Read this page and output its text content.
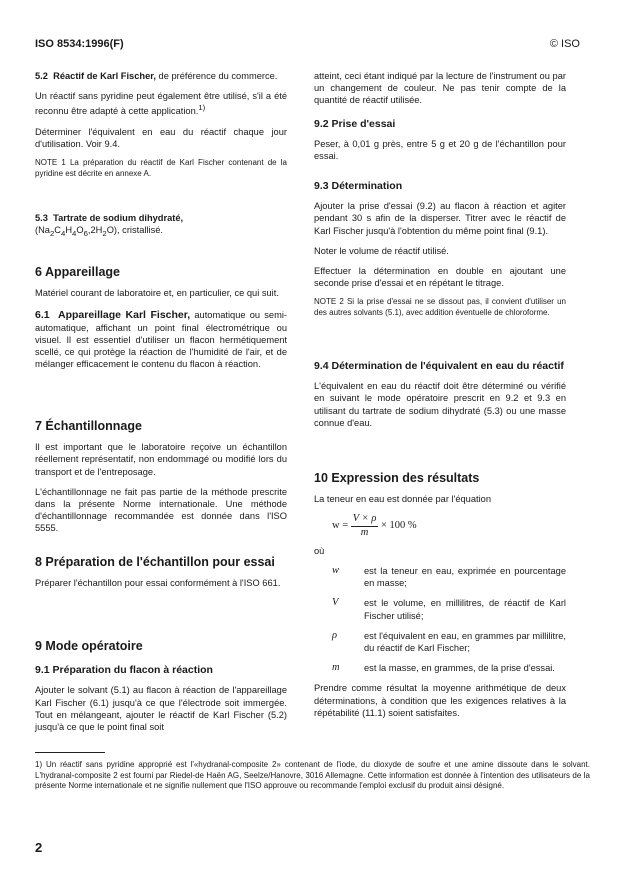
ISO 8534:1996(F)	© ISO

5.2 Réactif de Karl Fischer, de préférence du commerce.

Un réactif sans pyridine peut également être utilisé, s'il a été reconnu être adapté à cette application.$^{1)}$

Déterminer l'équivalent en eau du réactif chaque jour d'utilisation. Voir 9.4.

NOTE 1 La préparation du réactif de Karl Fischer contenant de la pyridine est décrite en annexe A.

5.3 Tartrate de sodium dihydraté,
$(Na_2C_4H_4O_6,2H_2O)$, cristallisé.

6 Appareillage

Matériel courant de laboratoire et, en particulier, ce qui suit.

6.1 Appareillage Karl Fischer, automatique ou semi-automatique, affichant un point final électrométrique ou visuel. Il est essentiel d'utiliser un flacon hermétiquement scellé, ce qui protège la réaction de l'humidité de l'air, et de mélanger efficacement le contenu du flacon à réaction.

7 Échantillonnage

Il est important que le laboratoire reçoive un échantillon réellement représentatif, non endommagé ou modifié lors du transport et de l'entreposage.

L'échantillonnage ne fait pas partie de la méthode prescrite dans la présente Norme internationale. Une méthode d'échantillonnage recommandée est donnée dans l'ISO 5555.

8 Préparation de l'échantillon pour essai

Préparer l'échantillon pour essai conformément à l'ISO 661.

9 Mode opératoire

9.1 Préparation du flacon à réaction

Ajouter le solvant (5.1) au flacon à réaction de l'appareillage Karl Fischer (6.1) jusqu'à ce que l'électrode soit immergée. Tout en mélangeant, ajouter le réactif de Karl Fischer (5.2) jusqu'à ce que le point final soit

atteint, ceci étant indiqué par la lecture de l'instrument ou par un changement de couleur. Ne pas tenir compte de la quantité de réactif utilisée.

9.2 Prise d'essai

Peser, à 0,01 g près, entre 5 g et 20 g de l'échantillon pour essai.

9.3 Détermination

Ajouter la prise d'essai (9.2) au flacon à réaction et agiter pendant 30 s afin de la disperser. Titrer avec le réactif de Karl Fischer jusqu'à l'obtention du même point final (9.1).

Noter le volume de réactif utilisé.

Effectuer la détermination en double en ajoutant une seconde prise d'essai et en répétant le titrage.

NOTE 2 Si la prise d'essai ne se dissout pas, il convient d'utiliser un des autres solvants (5.1), avec addition éventuelle de chloroforme.

9.4 Détermination de l'équivalent en eau du réactif

L'équivalent en eau du réactif doit être déterminé ou vérifié en suivant le mode opératoire prescrit en 9.2 et 9.3 en utilisant du tartrate de sodium dihydraté (5.3) ou une masse connue d'eau.

10 Expression des résultats

La teneur en eau est donnée par l'équation

$w = \frac{V \times \rho}{m} \times 100$ %

où

w	est la teneur en eau, exprimée en pourcentage en masse;
V	est le volume, en millilitres, de réactif de Karl Fischer utilisé;
ρ	est l'équivalent en eau, en grammes par millilitre, du réactif de Karl Fischer;
m	est la masse, en grammes, de la prise d'essai.

Prendre comme résultat la moyenne arithmétique de deux déterminations, à condition que les exigences relatives à la répétabilité (11.1) soient satisfaites.

1) Un réactif sans pyridine approprié est l'«hydranal-composite 2» contenant de l'iode, du dioxyde de soufre et une amine dissoute dans le solvant. L'hydranal-composite 2 est fourni par Riedel-de Haën AG, Seelze/Hanovre, 3016 Allemagne. Cette information est donnée à l'intention des utilisateurs de la présente Norme internationale et ne signifie nullement que l'ISO approuve ou recommande l'emploi exclusif du produit ainsi désigné.
2
